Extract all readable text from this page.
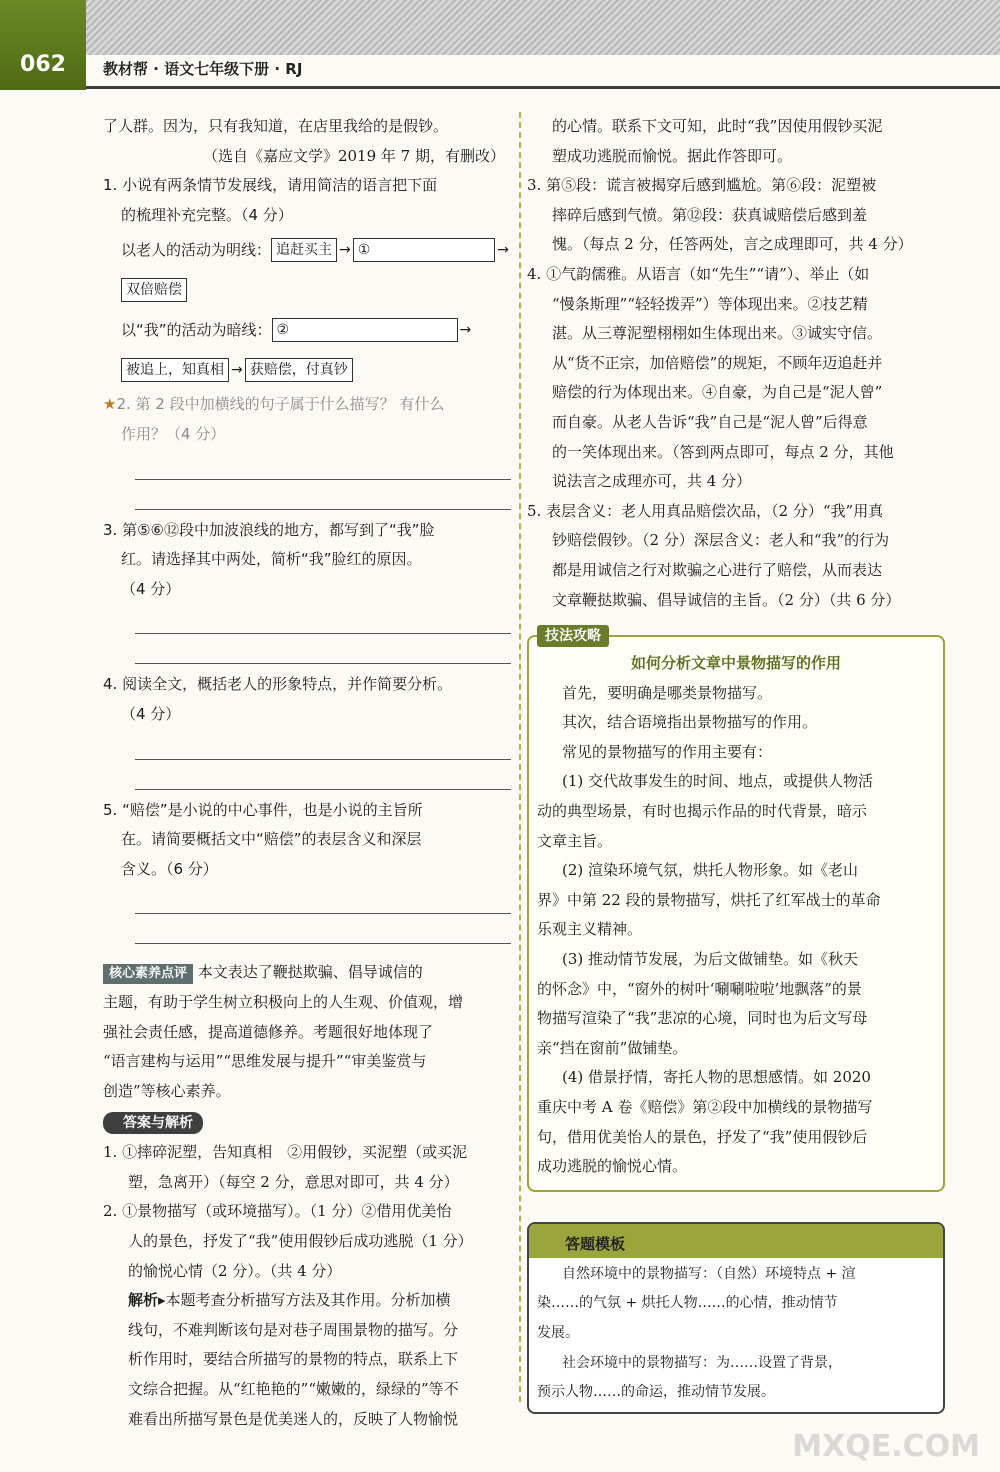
062	教材帮 · 语文七年级下册 · RJ
了人群。因为，只有我知道，在店里我给的是假钞。
（选自《嘉应文学》2019 年 7 期，有删改）
1. 小说有两条情节发展线，请用简洁的语言把下面
的梳理补充完整。（4 分）
以老人的活动为明线： 追赶买主 → ①	→
双倍赔偿
以“我”的活动为暗线： ②	→
被追上，知真相 → 获赔偿，付真钞
★2. 第 2 段中加横线的句子属于什么描写？ 有什么
作用？（4 分）
3. 第⑤⑥⑫段中加波浪线的地方，都写到了“我”脸
红。请选择其中两处，简析“我”脸红的原因。
（4 分）
4. 阅读全文，概括老人的形象特点，并作简要分析。
（4 分）
5. “赔偿”是小说的中心事件，也是小说的主旨所
在。请简要概括文中“赔偿”的表层含义和深层
含义。（6 分）
核心素养点评 本文表达了鞭挞欺骗、倡导诚信的
主题，有助于学生树立积极向上的人生观、价值观，增
强社会责任感，提高道德修养。考题很好地体现了
“语言建构与运用”“思维发展与提升”“审美鉴赏与
创造”等核心素养。
答案与解析
1. ①摔碎泥塑，告知真相　②用假钞，买泥塑（或买泥
塑，急离开）（每空 2 分，意思对即可，共 4 分）
2. ①景物描写（或环境描写）。（1 分）②借用优美怡
人的景色，抒发了“我”使用假钞后成功逃脱（1 分）
的愉悦心情（2 分）。（共 4 分）
解析▸本题考查分析描写方法及其作用。分析加横
线句，不难判断该句是对巷子周围景物的描写。分
析作用时，要结合所描写的景物的特点，联系上下
文综合把握。从“红艳艳的”“嫩嫩的，绿绿的”等不
难看出所描写景色是优美迷人的，反映了人物愉悦
的心情。联系下文可知，此时“我”因使用假钞买泥
塑成功逃脱而愉悦。据此作答即可。
3. 第⑤段：谎言被揭穿后感到尴尬。第⑥段：泥塑被
摔碎后感到气愤。第⑫段：获真诚赔偿后感到羞
愧。（每点 2 分，任答两处，言之成理即可，共 4 分）
4. ①气韵儒雅。从语言（如“先生”“请”）、举止（如
“慢条斯理”“轻轻拨弄”）等体现出来。②技艺精
湛。从三尊泥塑栩栩如生体现出来。③诚实守信。
从“货不正宗，加倍赔偿”的规矩，不顾年迈追赶并
赔偿的行为体现出来。④自豪，为自己是“泥人曾”
而自豪。从老人告诉“我”自己是“泥人曾”后得意
的一笑体现出来。（答到两点即可，每点 2 分，其他
说法言之成理亦可，共 4 分）
5. 表层含义：老人用真品赔偿次品，（2 分）“我”用真
钞赔偿假钞。（2 分）深层含义：老人和“我”的行为
都是用诚信之行对欺骗之心进行了赔偿，从而表达
文章鞭挞欺骗、倡导诚信的主旨。（2 分）（共 6 分）
技法攻略
如何分析文章中景物描写的作用
首先，要明确是哪类景物描写。
其次，结合语境指出景物描写的作用。
常见的景物描写的作用主要有：
(1) 交代故事发生的时间、地点，或提供人物活
动的典型场景，有时也揭示作品的时代背景，暗示
文章主旨。
(2) 渲染环境气氛，烘托人物形象。如《老山
界》中第 22 段的景物描写，烘托了红军战士的革命
乐观主义精神。
(3) 推动情节发展，为后文做铺垫。如《秋天
的怀念》中，“窗外的树叶‘唰唰啦啦’地飘落”的景
物描写渲染了“我”悲凉的心境，同时也为后文写母
亲“挡在窗前”做铺垫。
(4) 借景抒情，寄托人物的思想感情。如 2020
重庆中考 A 卷《赔偿》第②段中加横线的景物描写
句，借用优美怡人的景色，抒发了“我”使用假钞后
成功逃脱的愉悦心情。
答题模板
自然环境中的景物描写：（自然）环境特点 + 渲
染……的气氛 + 烘托人物……的心情，推动情节
发展。
社会环境中的景物描写：为……设置了背景，
预示人物……的命运，推动情节发展。
MXQE.COM
